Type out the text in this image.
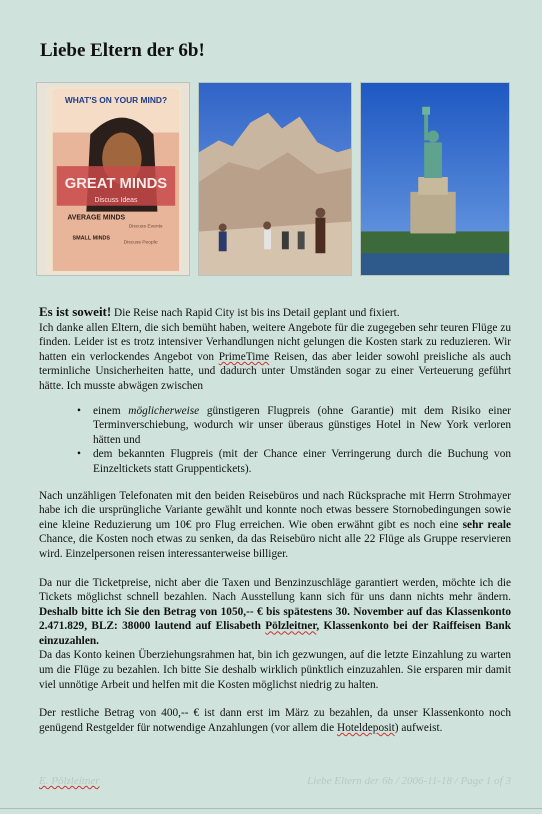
Liebe Eltern der 6b!
WHAT'S ON YOUR MIND?
GREAT MINDS
Discuss Ideas
AVERAGE MINDS
Discuss Events
SMALL MINDS
Discuss People

Es ist soweit! Die Reise nach Rapid City ist bis ins Detail geplant und fixiert.

Ich danke allen Eltern, die sich bemüht haben, weitere Angebote für die zugegeben sehr teuren Flüge zu finden. Leider ist es trotz intensiver Verhandlungen nicht gelungen die Kosten stark zu reduzieren. Wir hatten ein verlockendes Angebot von PrimeTime Reisen, das aber leider sowohl preisliche als auch terminliche Unsicherheiten hatte, und dadurch unter Umständen sogar zu einer Verteuerung geführt hätte. Ich musste abwägen zwischen

• einem möglicherweise günstigeren Flugpreis (ohne Garantie) mit dem Risiko einer Terminverschiebung, wodurch wir unser überaus günstiges Hotel in New York verloren hätten und
• dem bekannten Flugpreis (mit der Chance einer Verringerung durch die Buchung von Einzeltickets statt Gruppentickets).

Nach unzähligen Telefonaten mit den beiden Reisebüros und nach Rücksprache mit Herrn Strohmayer habe ich die ursprüngliche Variante gewählt und konnte noch etwas bessere Stornobedingungen sowie eine kleine Reduzierung um 10€ pro Flug erreichen. Wie oben erwähnt gibt es noch eine sehr reale Chance, die Kosten noch etwas zu senken, da das Reisebüro nicht alle 22 Flüge als Gruppe reservieren wird. Einzelpersonen reisen interessanterweise billiger.

Da nur die Ticketpreise, nicht aber die Taxen und Benzinzuschläge garantiert werden, möchte ich die Tickets möglichst schnell bezahlen. Nach Ausstellung kann sich für uns dann nichts mehr ändern. Deshalb bitte ich Sie den Betrag von 1050,-- € bis spätestens 30. November auf das Klassenkonto 2.471.829, BLZ: 38000 lautend auf Elisabeth Pölzleitner, Klassenkonto bei der Raiffeisen Bank einzuzahlen.

Da das Konto keinen Überziehungsrahmen hat, bin ich gezwungen, auf die letzte Einzahlung zu warten um die Flüge zu bezahlen. Ich bitte Sie deshalb wirklich pünktlich einzuzahlen. Sie ersparen mir damit viel unnötige Arbeit und helfen mit die Kosten möglichst niedrig zu halten.

Der restliche Betrag von 400,-- € ist dann erst im März zu bezahlen, da unser Klassenkonto noch genügend Restgelder für notwendige Anzahlungen (vor allem die Hoteldeposit) aufweist.

E. Pölzleitner	Liebe Eltern der 6b / 2006-11-18 / Page 1 of 3
